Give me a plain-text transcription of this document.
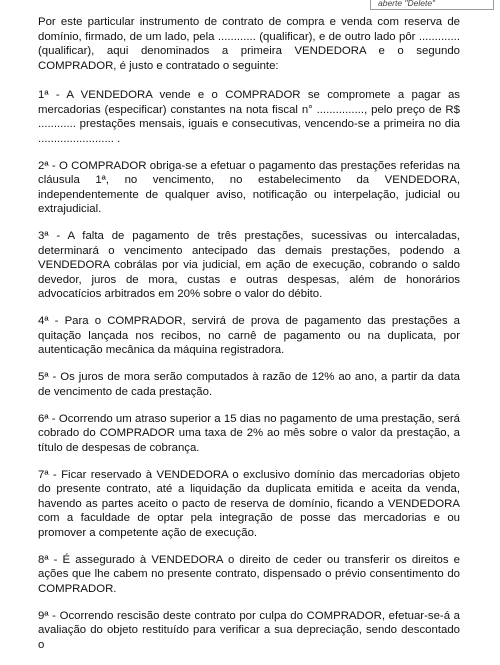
aberte "Delete"

Por este particular instrumento de contrato de compra e venda com reserva de domínio, firmado, de um lado, pela ............ (qualificar), e de outro lado pôr ............. (qualificar), aqui denominados a primeira VENDEDORA e o segundo COMPRADOR, é justo e contratado o seguinte:

1ª - A VENDEDORA vende e o COMPRADOR se compromete a pagar as mercadorias (especificar) constantes na nota fiscal n° ..............., pelo preço de R$ ............ prestações mensais, iguais e consecutivas, vencendo-se a primeira no dia ........................ .

2ª - O COMPRADOR obriga-se a efetuar o pagamento das prestações referidas na cláusula 1ª, no vencimento, no estabelecimento da VENDEDORA, independentemente de qualquer aviso, notificação ou interpelação, judicial ou extrajudicial.

3ª - A falta de pagamento de três prestações, sucessivas ou intercaladas, determinará o vencimento antecipado das demais prestações, podendo a VENDEDORA cobrálas por via judicial, em ação de execução, cobrando o saldo devedor, juros de mora, custas e outras despesas, além de honorários advocatícios arbitrados em 20% sobre o valor do débito.

4ª - Para o COMPRADOR, servirá de prova de pagamento das prestações a quitação lançada nos recibos, no carnê de pagamento ou na duplicata, por autenticação mecânica da máquina registradora.

5ª - Os juros de mora serão computados à razão de 12% ao ano, a partir da data de vencimento de cada prestação.

6ª - Ocorrendo um atraso superior a 15 dias no pagamento de uma prestação, será cobrado do COMPRADOR uma taxa de 2% ao mês sobre o valor da prestação, a título de despesas de cobrança.

7ª - Ficar reservado à VENDEDORA o exclusivo domínio das mercadorias objeto do presente contrato, até a liquidação da duplicata emitida e aceita da venda, havendo as partes aceito o pacto de reserva de domínio, ficando a VENDEDORA com a faculdade de optar pela integração de posse das mercadorias e ou promover a competente ação de execução.

8ª - É assegurado à VENDEDORA o direito de ceder ou transferir os direitos e ações que lhe cabem no presente contrato, dispensado o prévio consentimento do COMPRADOR.

9ª - Ocorrendo rescisão deste contrato por culpa do COMPRADOR, efetuar-se-á a avaliação do objeto restituído para verificar a sua depreciação, sendo descontado o
